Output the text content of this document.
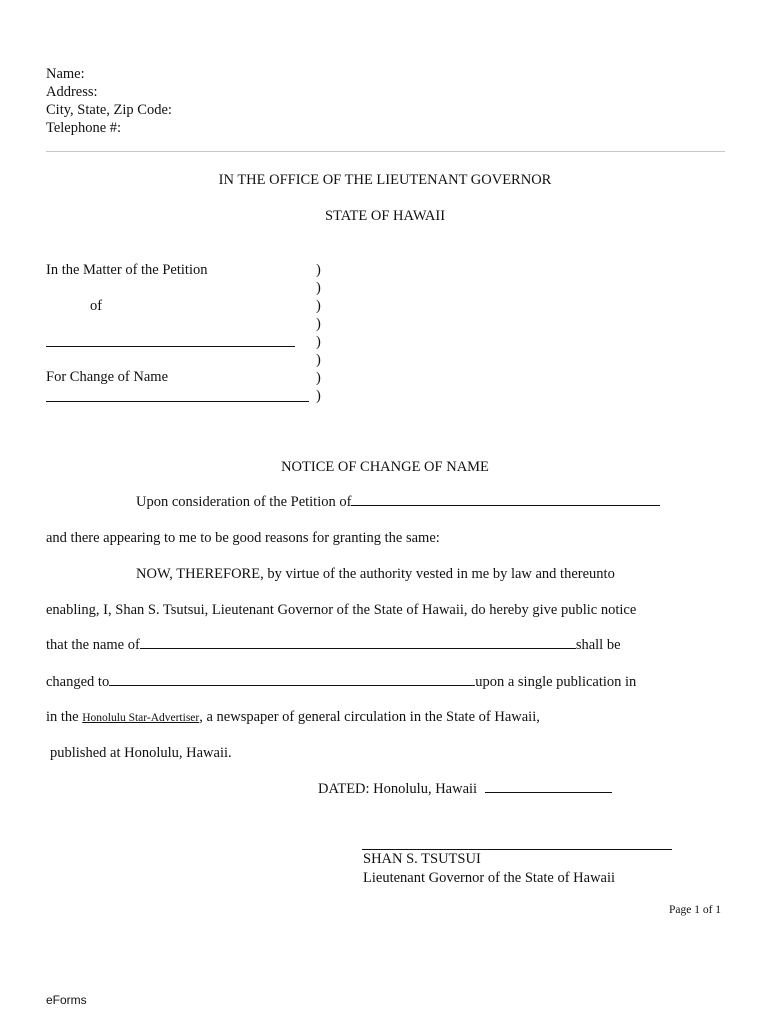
Name:
Address:
City, State, Zip Code:
Telephone #:
IN THE OFFICE OF THE LIEUTENANT GOVERNOR
STATE OF HAWAII
In the Matter of the Petition
of
For Change of Name
)
)
)
)
)
)
)
)
NOTICE OF CHANGE OF NAME
Upon consideration of the Petition of
and there appearing to me to be good reasons for granting the same:
NOW, THEREFORE, by virtue of the authority vested in me by law and thereunto
enabling, I, Shan S. Tsutsui, Lieutenant Governor of the State of Hawaii, do hereby give public notice
that the name of	shall be
changed to	upon a single publication in
in the Honolulu Star-Advertiser, a newspaper of general circulation in the State of Hawaii,
published at Honolulu, Hawaii.
DATED: Honolulu, Hawaii
SHAN S. TSUTSUI
Lieutenant Governor of the State of Hawaii
Page 1 of 1
eForms
